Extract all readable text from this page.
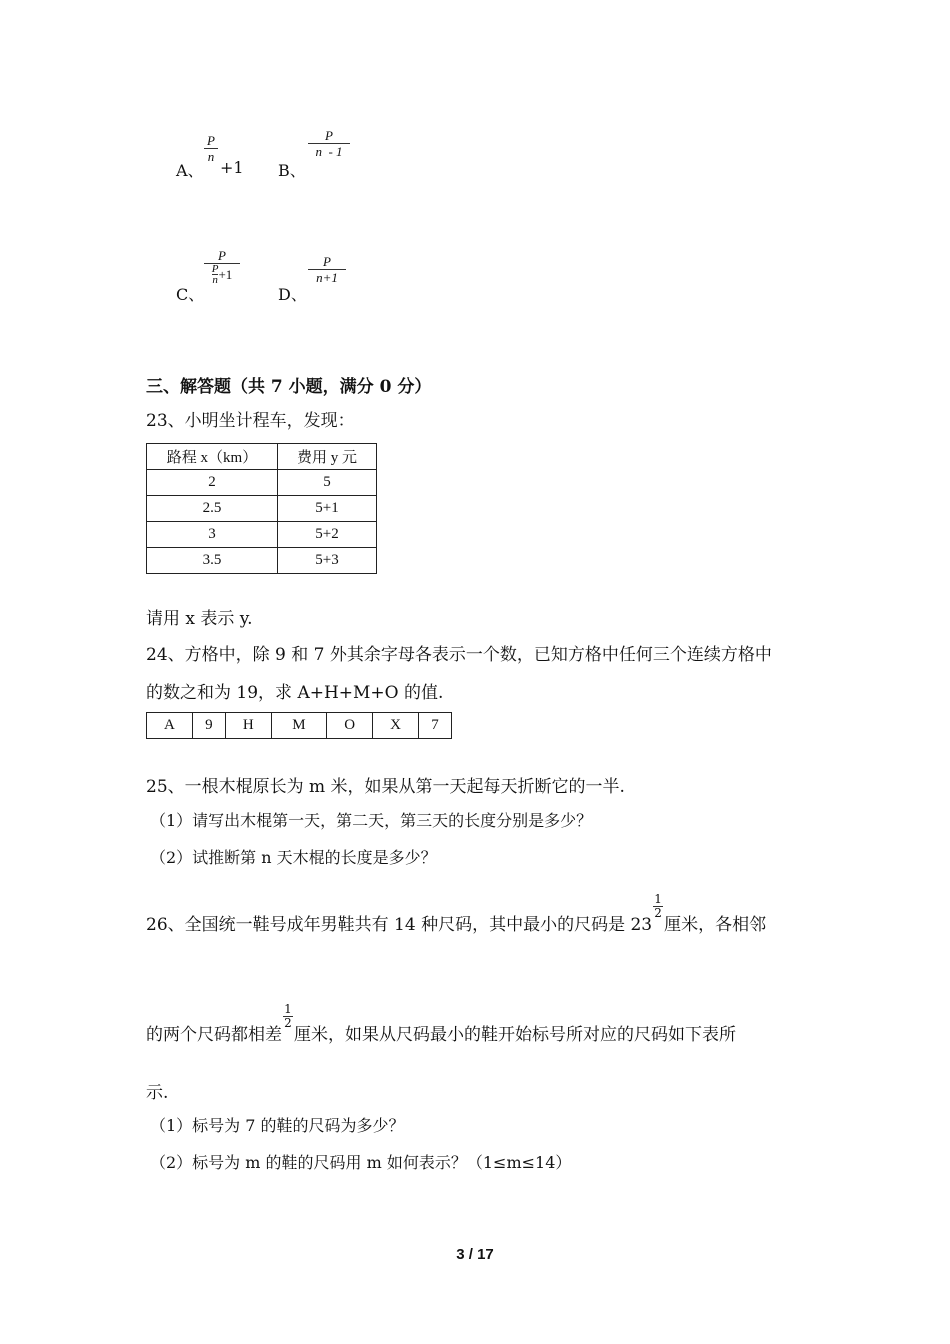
A、
P
n
+1 B、
P
n  - 1
C、
P
$\frac{P}{n} +1$
D、
P
n+1
三、解答题（共 7 小题，满分 0 分）
23、小明坐计程车，发现：
路程 x（km）	费用 y 元
2	5
2.5	5+1
3	5+2
3.5	5+3
请用 x 表示 y.
24、方格中，除 9 和 7 外其余字母各表示一个数，已知方格中任何三个连续方格中
的数之和为 19，求 A+H+M+O 的值.
A	9	H	M	O	X	7
25、一根木棍原长为 m 米，如果从第一天起每天折断它的一半.
（1）请写出木棍第一天，第二天，第三天的长度分别是多少？
（2）试推断第 n 天木棍的长度是多少？
26、全国统一鞋号成年男鞋共有 14 种尺码，其中最小的尺码是 23
$\frac{1}{2}$
厘米，各相邻
的两个尺码都相差
$\frac{1}{2}$
厘米，如果从尺码最小的鞋开始标号所对应的尺码如下表所
示.
（1）标号为 7 的鞋的尺码为多少？
（2）标号为 m 的鞋的尺码用 m 如何表示？（1≤m≤14）
3 / 17
